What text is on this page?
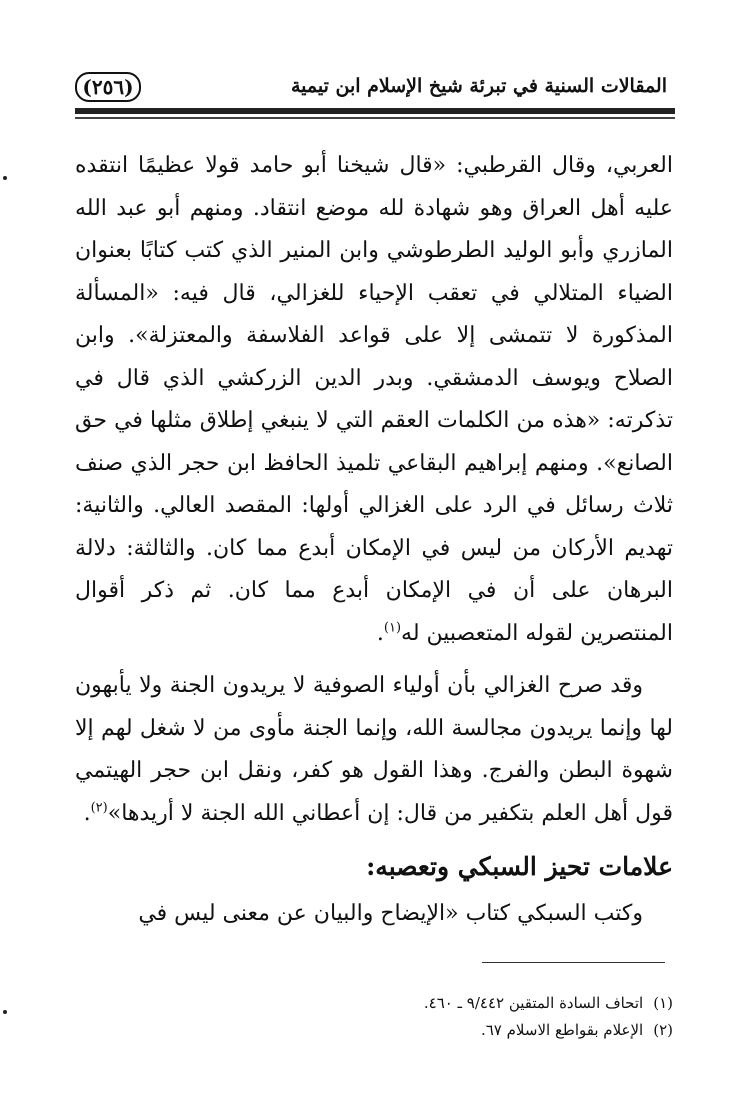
(٢٥٦)	المقالات السنية في تبرئة شيخ الإسلام ابن تيمية

العربي، وقال القرطبي: «قال شيخنا أبو حامد قولا عظيمًا انتقده عليه أهل العراق وهو شهادة لله موضع انتقاد. ومنهم أبو عبد الله المازري وأبو الوليد الطرطوشي وابن المنير الذي كتب كتابًا بعنوان الضياء المتلالي في تعقب الإحياء للغزالي، قال فيه: «المسألة المذكورة لا تتمشى إلا على قواعد الفلاسفة والمعتزلة». وابن الصلاح ويوسف الدمشقي. وبدر الدين الزركشي الذي قال في تذكرته: «هذه من الكلمات العقم التي لا ينبغي إطلاق مثلها في حق الصانع». ومنهم إبراهيم البقاعي تلميذ الحافظ ابن حجر الذي صنف ثلاث رسائل في الرد على الغزالي أولها: المقصد العالي. والثانية: تهديم الأركان من ليس في الإمكان أبدع مما كان. والثالثة: دلالة البرهان على أن في الإمكان أبدع مما كان. ثم ذكر أقوال المنتصرين لقوله المتعصبين له$^{(١)}$.

وقد صرح الغزالي بأن أولياء الصوفية لا يريدون الجنة ولا يأبهون لها وإنما يريدون مجالسة الله، وإنما الجنة مأوى من لا شغل لهم إلا شهوة البطن والفرج. وهذا القول هو كفر، ونقل ابن حجر الهيتمي قول أهل العلم بتكفير من قال: إن أعطاني الله الجنة لا أريدها»$^{(٢)}$.

علامات تحيز السبكي وتعصبه:

وكتب السبكي كتاب «الإيضاح والبيان عن معنى ليس في

(١)اتحاف السادة المتقين ٩/٤٤٢ ـ ٤٦٠.
(٢)الإعلام بقواطع الاسلام ٦٧.
